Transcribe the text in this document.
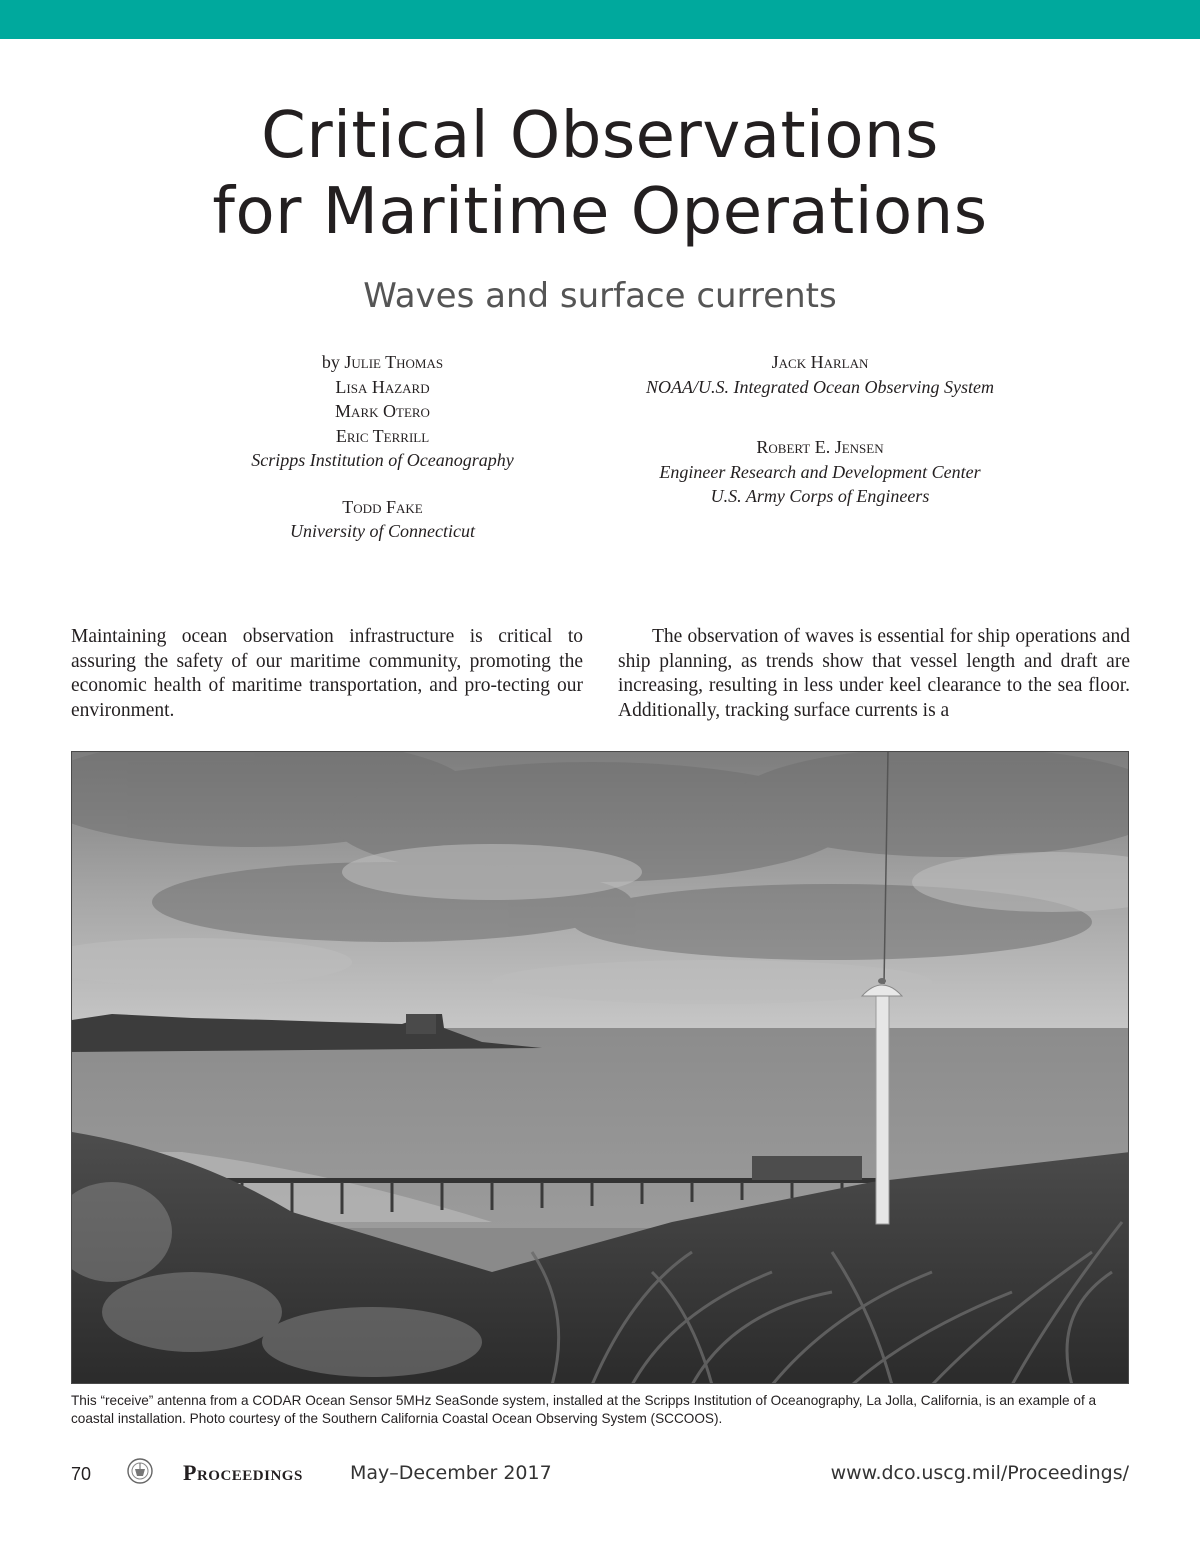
Critical Observations
for Maritime Operations
Waves and surface currents
by Julie Thomas
Lisa Hazard
Mark Otero
Eric Terrill
Scripps Institution of Oceanography
Todd Fake
University of Connecticut
Jack Harlan
NOAA/U.S. Integrated Ocean Observing System
Robert E. Jensen
Engineer Research and Development Center
U.S. Army Corps of Engineers

Maintaining ocean observation infrastructure is critical to assuring the safety of our maritime community, promoting the economic health of maritime transportation, and pro-tecting our environment.

The observation of waves is essential for ship operations and ship planning, as trends show that vessel length and draft are increasing, resulting in less under keel clearance to the sea floor. Additionally, tracking surface currents is a

This “receive” antenna from a CODAR Ocean Sensor 5MHz SeaSonde system, installed at the Scripps Institution of Oceanography, La Jolla, California, is an example of a coastal installation. Photo courtesy of the Southern California Coastal Ocean Observing System (SCCOOS).

70	Proceedings May–December 2017	www.dco.uscg.mil/Proceedings/
